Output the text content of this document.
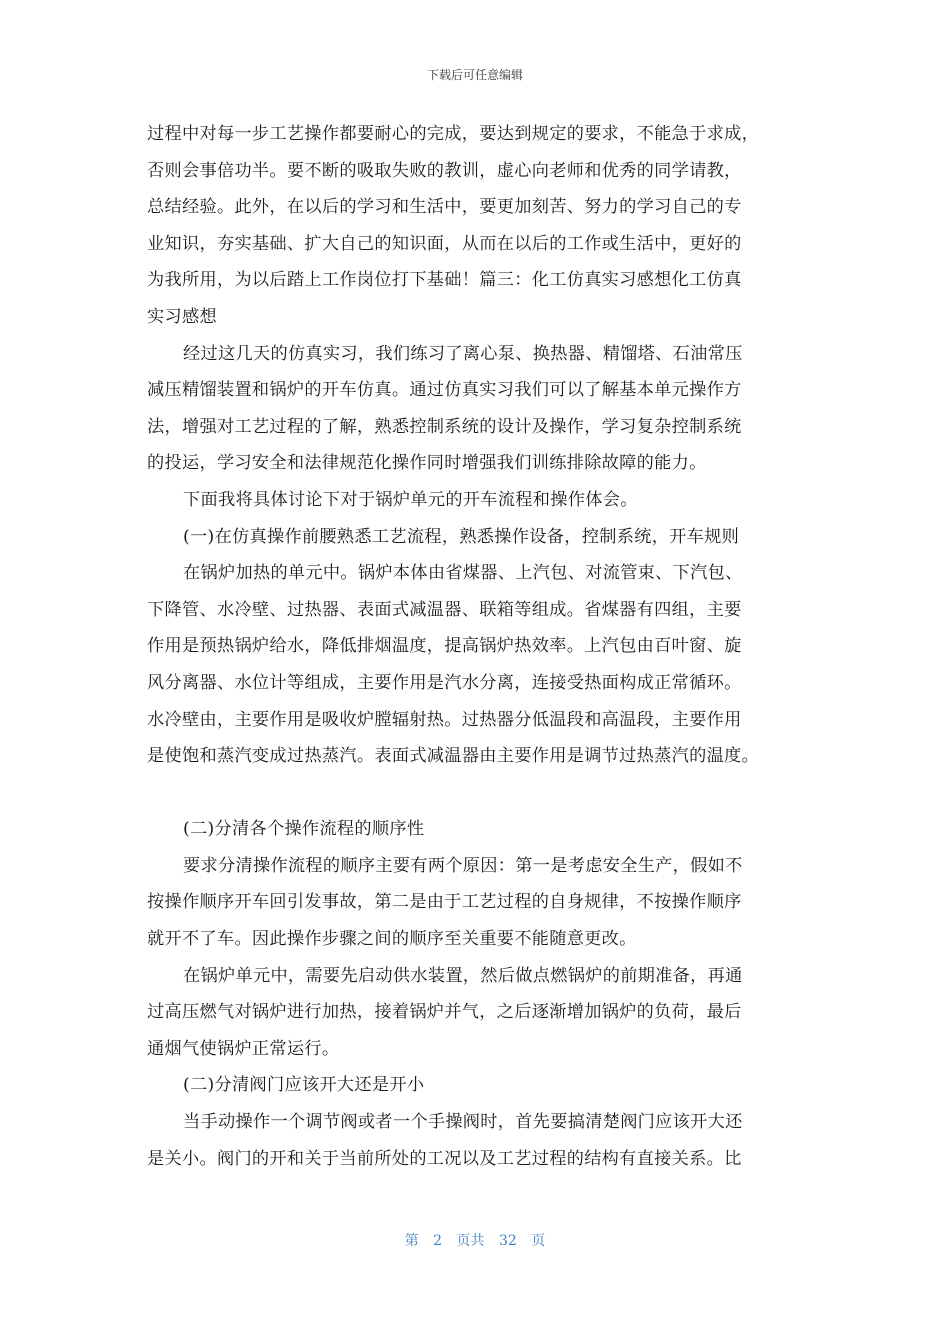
下载后可任意编辑
过程中对每一步工艺操作都要耐心的完成，要达到规定的要求，不能急于求成，
否则会事倍功半。要不断的吸取失败的教训，虚心向老师和优秀的同学请教，
总结经验。此外，在以后的学习和生活中，要更加刻苦、努力的学习自己的专
业知识，夯实基础、扩大自己的知识面，从而在以后的工作或生活中，更好的
为我所用，为以后踏上工作岗位打下基础！篇三：化工仿真实习感想化工仿真
实习感想
经过这几天的仿真实习，我们练习了离心泵、换热器、精馏塔、石油常压
减压精馏装置和锅炉的开车仿真。通过仿真实习我们可以了解基本单元操作方
法，增强对工艺过程的了解，熟悉控制系统的设计及操作，学习复杂控制系统
的投运，学习安全和法律规范化操作同时增强我们训练排除故障的能力。
下面我将具体讨论下对于锅炉单元的开车流程和操作体会。
(一)在仿真操作前腰熟悉工艺流程，熟悉操作设备，控制系统，开车规则
在锅炉加热的单元中。锅炉本体由省煤器、上汽包、对流管束、下汽包、
下降管、水冷壁、过热器、表面式减温器、联箱等组成。省煤器有四组，主要
作用是预热锅炉给水，降低排烟温度，提高锅炉热效率。上汽包由百叶窗、旋
风分离器、水位计等组成，主要作用是汽水分离，连接受热面构成正常循环。
水冷壁由，主要作用是吸收炉膛辐射热。过热器分低温段和高温段，主要作用
是使饱和蒸汽变成过热蒸汽。表面式减温器由主要作用是调节过热蒸汽的温度。
(二)分清各个操作流程的顺序性
要求分清操作流程的顺序主要有两个原因：第一是考虑安全生产，假如不
按操作顺序开车回引发事故，第二是由于工艺过程的自身规律，不按操作顺序
就开不了车。因此操作步骤之间的顺序至关重要不能随意更改。
在锅炉单元中，需要先启动供水装置，然后做点燃锅炉的前期准备，再通
过高压燃气对锅炉进行加热，接着锅炉并气，之后逐渐增加锅炉的负荷，最后
通烟气使锅炉正常运行。
(二)分清阀门应该开大还是开小
当手动操作一个调节阀或者一个手操阀时，首先要搞清楚阀门应该开大还
是关小。阀门的开和关于当前所处的工况以及工艺过程的结构有直接关系。比
第 2 页共 32 页
